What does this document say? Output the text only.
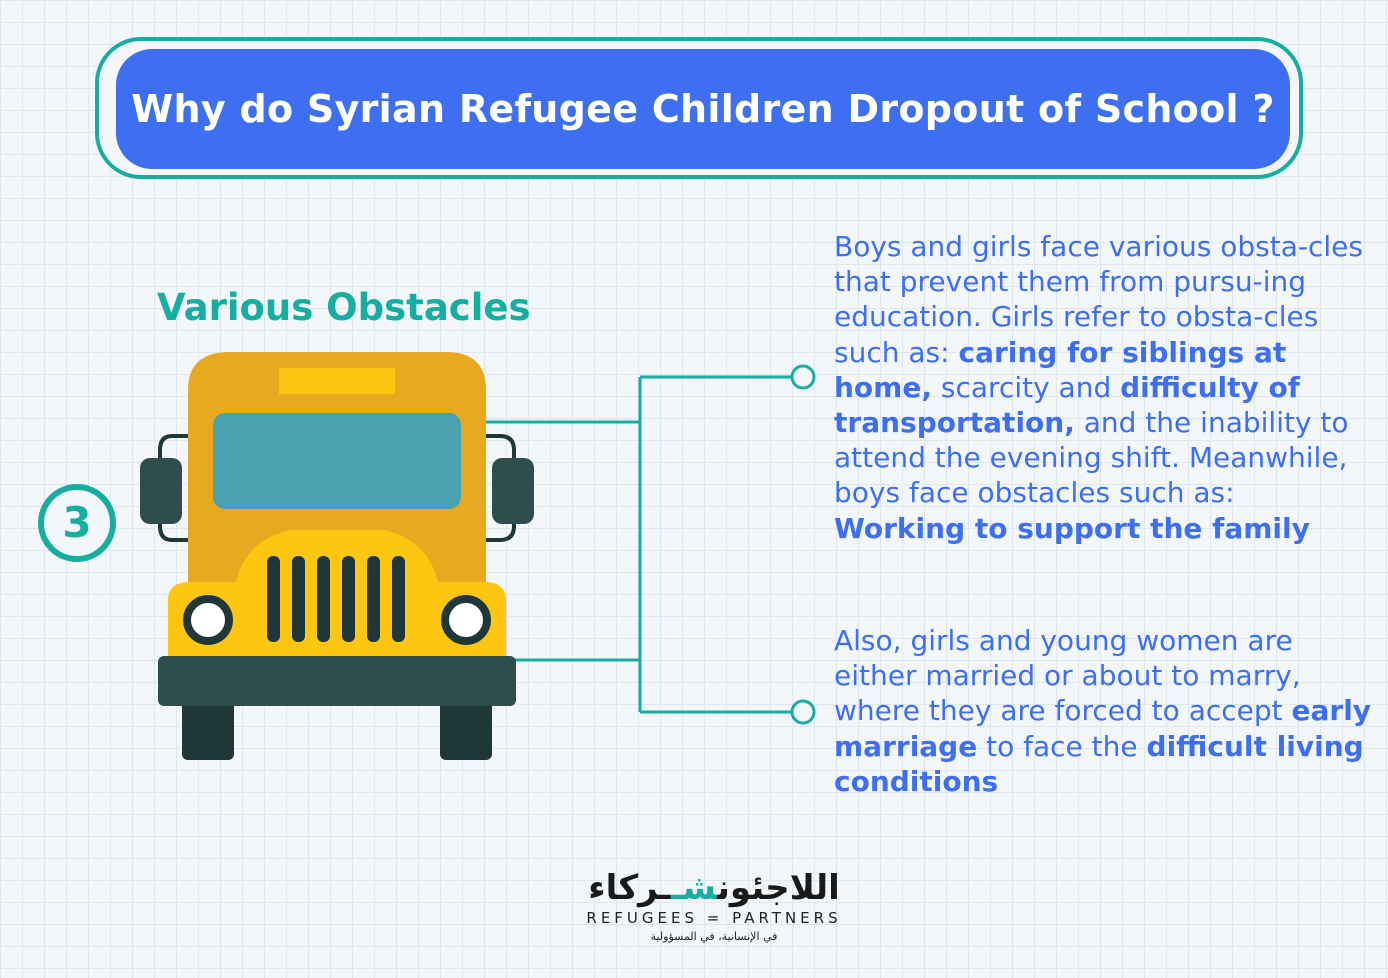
Why do Syrian Refugee Children Dropout of School ?
Various Obstacles
3

Boys and girls face various obsta-cles that prevent them from pursu-ing education. Girls refer to obsta-cles such as: caring for siblings at home, scarcity and difficulty of transportation, and the inability to attend the evening shift. Meanwhile, boys face obstacles such as: Working to support the family

Also, girls and young women are either married or about to marry, where they are forced to accept early marriage to face the difficult living conditions

اللاجئونشــركاء
REFUGEES = PARTNERS
في الإنسانية، في المسؤولية
